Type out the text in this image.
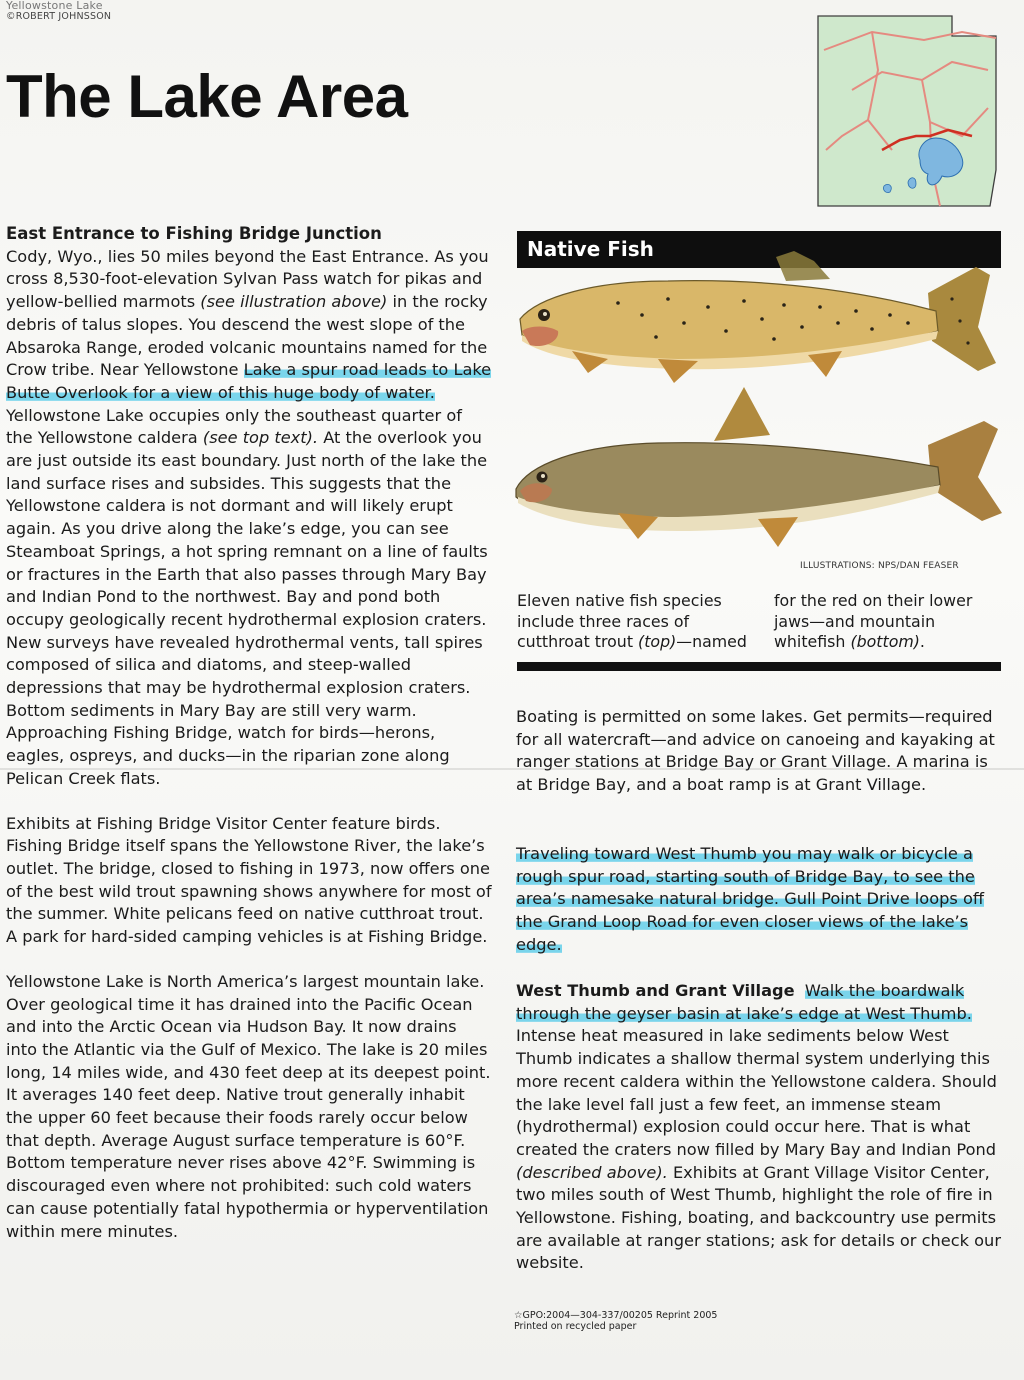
Yellowstone Lake
©ROBERT JOHNSSON
The Lake Area
East Entrance to Fishing Bridge Junction

Cody, Wyo., lies 50 miles beyond the East Entrance. As you cross 8,530-foot-elevation Sylvan Pass watch for pikas and yellow-bellied marmots (see illustration above) in the rocky debris of talus slopes. You descend the west slope of the Absaroka Range, eroded volcanic mountains named for the Crow tribe. Near Yellowstone Lake a spur road leads to Lake Butte Overlook for a view of this huge body of water. Yellowstone Lake occupies only the southeast quarter of the Yellowstone caldera (see top text). At the overlook you are just outside its east boundary. Just north of the lake the land surface rises and subsides. This suggests that the Yellowstone caldera is not dormant and will likely erupt again. As you drive along the lake’s edge, you can see Steamboat Springs, a hot spring remnant on a line of faults or fractures in the Earth that also passes through Mary Bay and Indian Pond to the northwest. Bay and pond both occupy geologically recent hydrothermal explosion craters. New surveys have revealed hydrothermal vents, tall spires composed of silica and diatoms, and steep-walled depressions that may be hydrothermal explosion craters. Bottom sediments in Mary Bay are still very warm. Approaching Fishing Bridge, watch for birds—herons, eagles, ospreys, and ducks—in the riparian zone along Pelican Creek flats.

Exhibits at Fishing Bridge Visitor Center feature birds. Fishing Bridge itself spans the Yellowstone River, the lake’s outlet. The bridge, closed to fishing in 1973, now offers one of the best wild trout spawning shows anywhere for most of the summer. White pelicans feed on native cutthroat trout. A park for hard-sided camping vehicles is at Fishing Bridge.

Yellowstone Lake is North America’s largest mountain lake. Over geological time it has drained into the Pacific Ocean and into the Arctic Ocean via Hudson Bay. It now drains into the Atlantic via the Gulf of Mexico. The lake is 20 miles long, 14 miles wide, and 430 feet deep at its deepest point. It averages 140 feet deep. Native trout generally inhabit the upper 60 feet because their foods rarely occur below that depth. Average August surface temperature is 60°F. Bottom temperature never rises above 42°F. Swimming is discouraged even where not prohibited: such cold waters can cause potentially fatal hypothermia or hyperventilation within mere minutes.

Native Fish
ILLUSTRATIONS: NPS/DAN FEASER
Eleven native fish species include three races of cutthroat trout (top)—named
for the red on their lower jaws—and mountain whitefish (bottom).
Boating is permitted on some lakes. Get permits—required for all watercraft—and advice on canoeing and kayaking at ranger stations at Bridge Bay or Grant Village. A marina is at Bridge Bay, and a boat ramp is at Grant Village.
Traveling toward West Thumb you may walk or bicycle a rough spur road, starting south of Bridge Bay, to see the area’s namesake natural bridge. Gull Point Drive loops off the Grand Loop Road for even closer views of the lake’s edge.
West Thumb and Grant Village Walk the boardwalk through the geyser basin at lake’s edge at West Thumb. Intense heat measured in lake sediments below West Thumb indicates a shallow thermal system underlying this more recent caldera within the Yellowstone caldera. Should the lake level fall just a few feet, an immense steam (hydrothermal) explosion could occur here. That is what created the craters now filled by Mary Bay and Indian Pond (described above). Exhibits at Grant Village Visitor Center, two miles south of West Thumb, highlight the role of fire in Yellowstone. Fishing, boating, and backcountry use permits are available at ranger stations; ask for details or check our website.
☆GPO:2004—304-337/00205 Reprint 2005
Printed on recycled paper
